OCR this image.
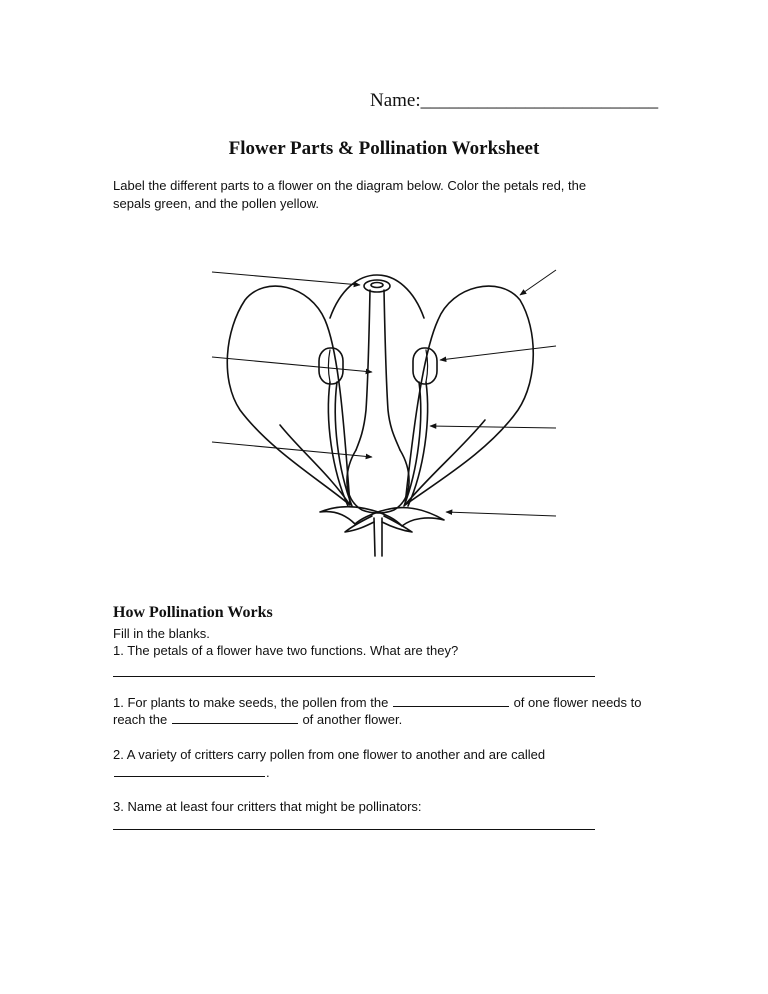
Name:_________________________
Flower Parts & Pollination Worksheet
Label the different parts to a flower on the diagram below. Color the petals red, the
sepals green, and the pollen yellow.
How Pollination Works
Fill in the blanks.
1. The petals of a flower have two functions. What are they?
1. For plants to make seeds, the pollen from the	of one flower needs to
reach the	of another flower.
2. A variety of critters carry pollen from one flower to another and are called
.
3. Name at least four critters that might be pollinators:
